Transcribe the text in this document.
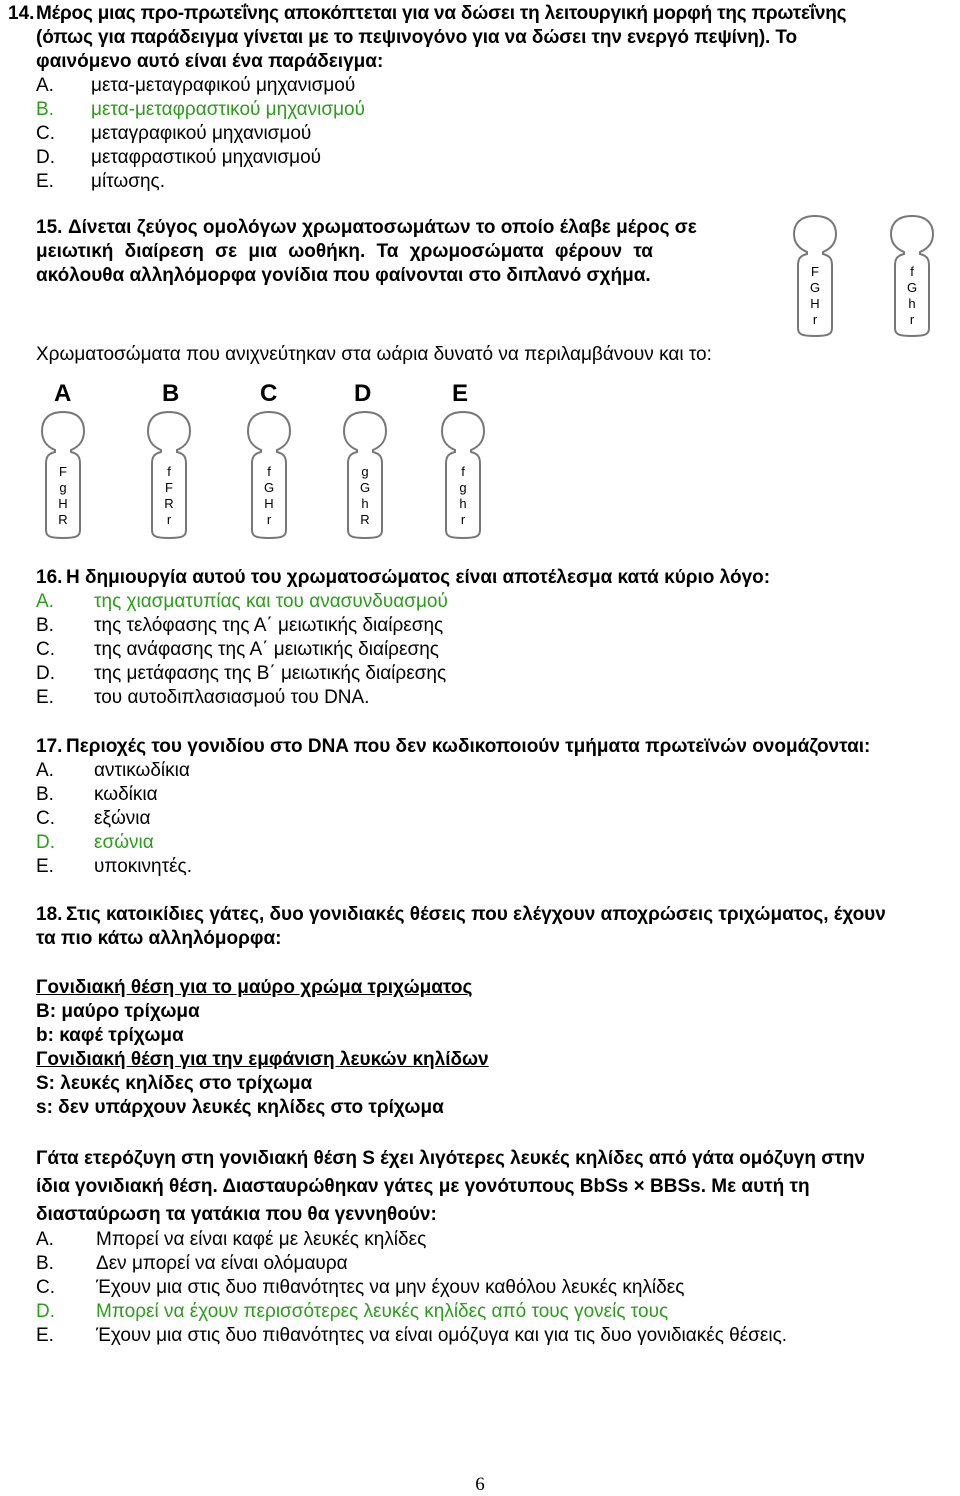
14. Μέρος μιας προ-πρωτεΐνης αποκόπτεται για να δώσει τη λειτουργική μορφή της πρωτεΐνης
(όπως για παράδειγμα γίνεται με το πεψινογόνο για να δώσει την ενεργό πεψίνη). Το
φαινόμενο αυτό είναι ένα παράδειγμα:
A. μετα-μεταγραφικού μηχανισμού
B. μετα-μεταφραστικού μηχανισμού
C. μεταγραφικού μηχανισμού
D. μεταφραστικού μηχανισμού
E. μίτωσης.
15. Δίνεται ζεύγος ομολόγων χρωματοσωμάτων το οποίο έλαβε μέρος σε
μειωτική διαίρεση σε μια ωοθήκη. Τα χρωμοσώματα φέρουν τα
ακόλουθα αλληλόμορφα γονίδια που φαίνονται στο διπλανό σχήμα.	F
G
H
r
f
G
h
r
Χρωματοσώματα που ανιχνεύτηκαν στα ωάρια δυνατό να περιλαμβάνουν και το:
A	B	C	D	E
F
g
H
R
f
F
R
r
f
G
H
r
g
G
h
R
f
g
h
r
16. Η δημιουργία αυτού του χρωματοσώματος είναι αποτέλεσμα κατά κύριο λόγο:
A. της χιασματυπίας και του ανασυνδυασμού
B. της τελόφασης της Α΄ μειωτικής διαίρεσης
C. της ανάφασης της Α΄ μειωτικής διαίρεσης
D. της μετάφασης της Β΄ μειωτικής διαίρεσης
E. του αυτοδιπλασιασμού του DNA.
17. Περιοχές του γονιδίου στο DNA που δεν κωδικοποιούν τμήματα πρωτεϊνών ονομάζονται:
A. αντικωδίκια
B. κωδίκια
C. εξώνια
D. εσώνια
E. υποκινητές.
18. Στις κατοικίδιες γάτες, δυο γονιδιακές θέσεις που ελέγχουν αποχρώσεις τριχώματος, έχουν
τα πιο κάτω αλληλόμορφα:
Γονιδιακή θέση για το μαύρο χρώμα τριχώματος
B: μαύρο τρίχωμα
b: καφέ τρίχωμα
Γονιδιακή θέση για την εμφάνιση λευκών κηλίδων
S: λευκές κηλίδες στο τρίχωμα
s: δεν υπάρχουν λευκές κηλίδες στο τρίχωμα
Γάτα ετερόζυγη στη γονιδιακή θέση S έχει λιγότερες λευκές κηλίδες από γάτα ομόζυγη στην
ίδια γονιδιακή θέση. Διασταυρώθηκαν γάτες με γονότυπους BbSs × BBSs. Με αυτή τη
διασταύρωση τα γατάκια που θα γεννηθούν:
A. Μπορεί να είναι καφέ με λευκές κηλίδες
B. Δεν μπορεί να είναι ολόμαυρα
C. Έχουν μια στις δυο πιθανότητες να μην έχουν καθόλου λευκές κηλίδες
D. Μπορεί να έχουν περισσότερες λευκές κηλίδες από τους γονείς τους
E. Έχουν μια στις δυο πιθανότητες να είναι ομόζυγα και για τις δυο γονιδιακές θέσεις.
6
